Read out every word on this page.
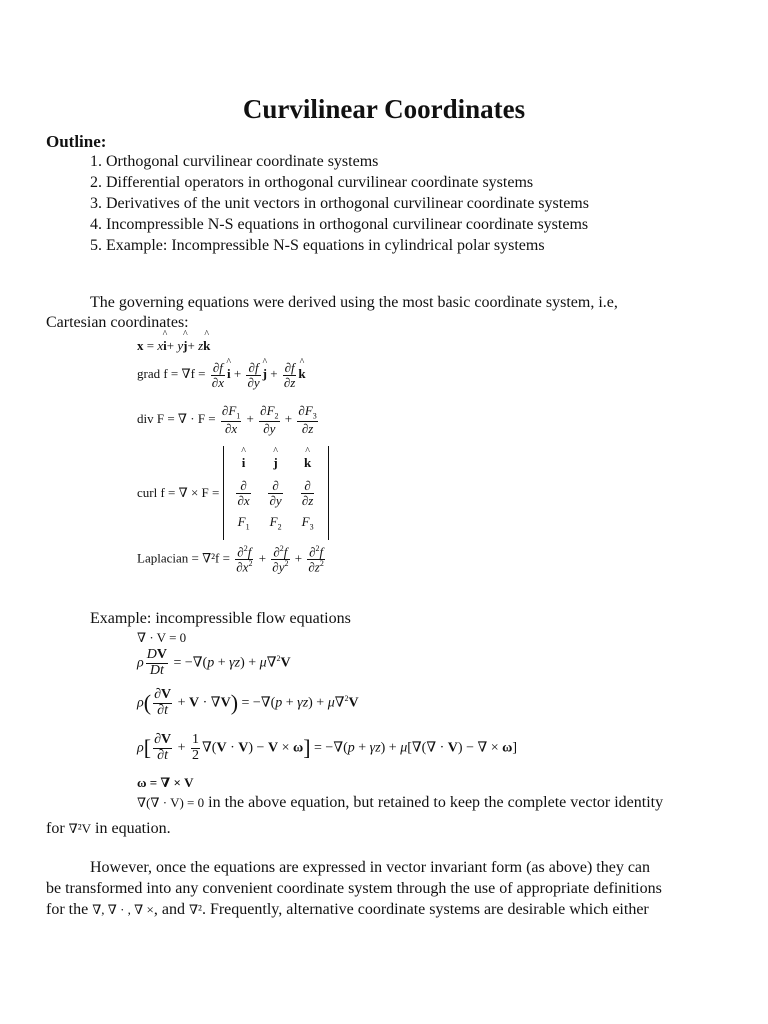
Curvilinear Coordinates
Outline:
1. Orthogonal curvilinear coordinate systems
2. Differential operators in orthogonal curvilinear coordinate systems
3. Derivatives of the unit vectors in orthogonal curvilinear coordinate systems
4. Incompressible N-S equations in orthogonal curvilinear coordinate systems
5. Example: Incompressible N-S equations in cylindrical polar systems
The governing equations were derived using the most basic coordinate system, i.e,
Cartesian coordinates:
x = x^ i+ y^ j+ z^ k
grad $f = \nabla f = \frac{\partial f}{\partial x}$ ^ $i + \frac{\partial f}{\partial y}$ ^ $j + \frac{\partial f}{\partial z}$ ^ k
div F = ∇ · $F = \frac{\partial F_1}{\partial x} + \frac{\partial F_2}{\partial y} + \frac{\partial F_3}{\partial z}$
curl f = ∇ × F =
^ i	^ j	^ k

$\frac{\partial}{\partial x}$	$\frac{\partial}{\partial y}$	$\frac{\partial}{\partial z}$

$F_1$	$F_2$	$F_3$
Laplacian = $\nabla^2f = \frac{\partial^2f}{\partial x^2} + \frac{\partial^2f}{\partial y^2} + \frac{\partial^2f}{\partial z^2}$
Example: incompressible flow equations
∇ · V = 0
ρ $\frac{DV}{Dt} = -\nabla(p + \gamma z) + \mu\nabla^2V$
$\rho( \frac{\partial V}{\partial t} + V \cdot \nabla V) = -\nabla(p + \gamma z) + \mu\nabla^2V$
$\rho[ \frac{\partial V}{\partial t} + \frac{1}{2} \nabla(V \cdot V) - V \times \omega] = -\nabla(p + \gamma z) + \mu[\nabla(\nabla \cdot V)$ − ∇ × ω]
ω = ∇ × V
∇(∇ · V) = 0 in the above equation, but retained to keep the complete vector identity
for ∇²V in equation.
However, once the equations are expressed in vector invariant form (as above) they can
be transformed into any convenient coordinate system through the use of appropriate definitions
for the ∇, ∇ · , ∇ ×, and ∇². Frequently, alternative coordinate systems are desirable which either
